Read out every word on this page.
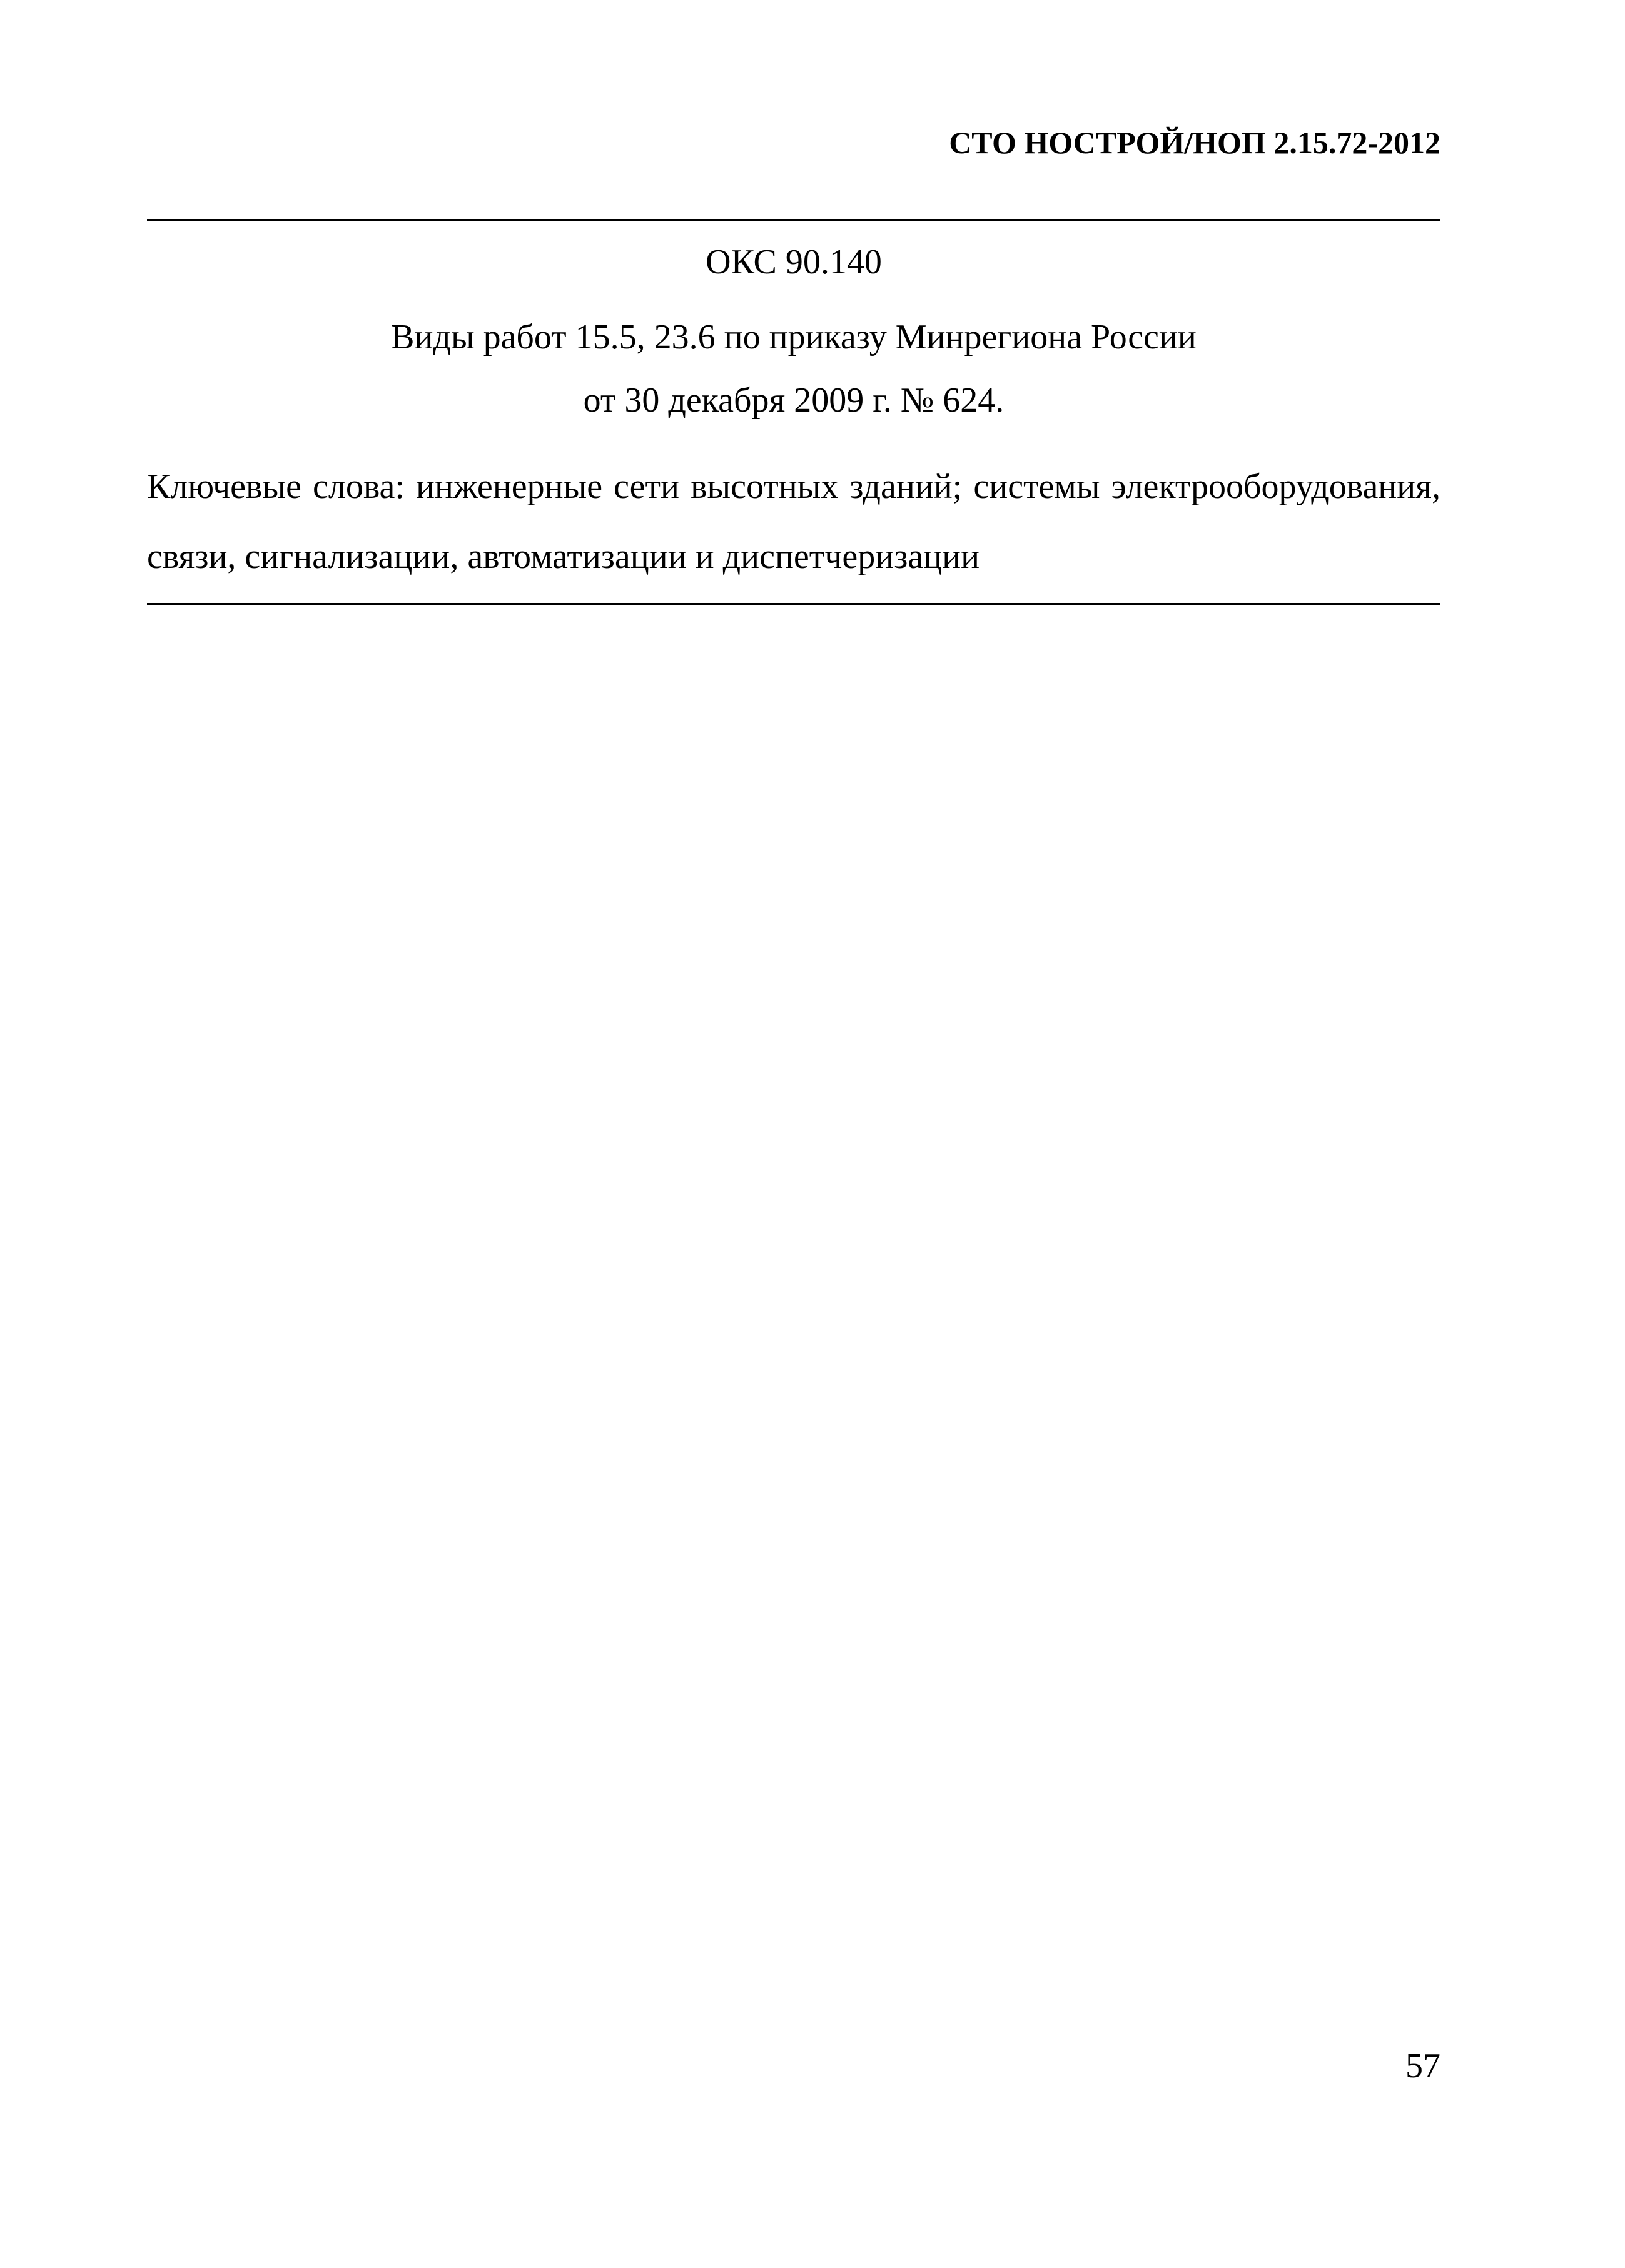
СТО НОСТРОЙ/НОП 2.15.72-2012
ОКС 90.140
Виды работ 15.5, 23.6 по приказу Минрегиона России
от 30 декабря 2009 г. № 624.
Ключевые слова: инженерные сети высотных зданий; системы электрооборудования, связи, сигнализации, автоматизации и диспетчеризации
57
